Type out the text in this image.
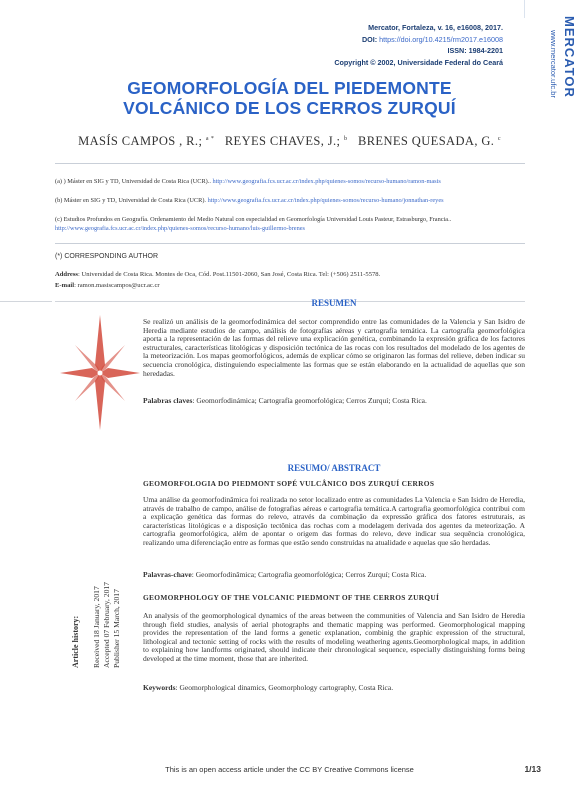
Mercator, Fortaleza, v. 16, e16008, 2017.
DOI: https://doi.org/10.4215/rm2017.e16008
ISSN: 1984-2201
Copyright © 2002, Universidade Federal do Ceará	MERCATOR
www.mercator.ufc.br
GEOMORFOLOGÍA DEL PIEDEMONTE
VOLCÁNICO DE LOS CERROS ZURQUÍ
MASÍS CAMPOS , R.; $^{a *}$ REYES CHAVES, J.; $^b$ BRENES QUESADA, G. $^c$
(a) ) Máster en SIG y TD, Universidad de Costa Rica (UCR).. http://www.geografia.fcs.ucr.ac.cr/index.php/quienes-somos/recurso-humano/ramon-masis
(b) Máster en SIG y TD, Universidad de Costa Rica (UCR). http://www.geografia.fcs.ucr.ac.cr/index.php/quienes-somos/recurso-humano/jonnathan-reyes
(c) Estudios Profundos en Geografía. Ordenamiento del Medio Natural con especialidad en Geomorfología Universidad Louis Pasteur, Estrasburgo, Francia.. http://www.geografia.fcs.ucr.ac.cr/index.php/quienes-somos/recurso-humano/luis-guillermo-brenes
(*) CORRESPONDING AUTHOR
Address: Universidad de Costa Rica. Montes de Oca, Cód. Post.11501-2060, San José, Costa Rica. Tel: (+506) 2511-5578.
E-mail: ramon.masiscampos@ucr.ac.cr
RESUMEN
Se realizó un análisis de la geomorfodinámica del sector comprendido entre las comunidades de la Valencia y San Isidro de Heredia mediante estudios de campo, análisis de fotografías aéreas y cartografía temática. La cartografía geomorfológica aporta a la representación de las formas del relieve una explicación genética, combinando la expresión gráfica de los factores estructurales, características litológicas y disposición tectónica de las rocas con los resultados del modelado de los agentes de la meteorización. Los mapas geomorfológicos, además de explicar cómo se originaron las formas del relieve, deben indicar su secuencia cronológica, distinguiendo especialmente las formas que se están elaborando en la actualidad de aquellas que son heredadas.
Palabras claves: Geomorfodinámica; Cartografía geomorfológica; Cerros Zurquí; Costa Rica.
RESUMO/ ABSTRACT
GEOMORFOLOGIA DO PIEDMONT SOPÉ VULCÂNICO DOS ZURQUÍ CERROS
Uma análise da geomorfodinâmica foi realizada no setor localizado entre as comunidades La Valencia e San Isidro de Heredia, através de trabalho de campo, análise de fotografias aéreas e cartografia temática.A cartografia geomorfológica contribui com a explicação genética das formas do relevo, através da combinação da expressão gráfica dos fatores estruturais, as características litológicas e a disposição tectônica das rochas com a modelagem derivada dos agentes da meteorização. A cartografia geomorfológica, além de apontar o origem das formas do relevo, deve indicar sua sequência cronológica, realizando uma diferenciação entre as formas que estão sendo construídas na atualidade e aquelas que são herdadas.
Palavras-chave: Geomorfodinâmica; Cartografia geomorfológica; Cerros Zurquí; Costa Rica.
GEOMORPHOLOGY OF THE VOLCANIC PIEDMONT OF THE CERROS ZURQUÍ
An analysis of the geomorphological dynamics of the areas between the communities of Valencia and San Isidro de Heredia through field studies, analysis of aerial photographs and thematic mapping was performed. Geomorphological mapping provides the representation of the land forms a genetic explanation, combinig the graphic expression of the structural, lithological and tectonic setting of rocks with the results of modeling weathering agents.Geomorphological maps, in addition to explaining how landforms originated, should indicate their chronological sequence, especially distinguishing forms being developed at the time moment, those that are inherited.
Keywords: Geomorphological dinamics, Geomorphology cartography, Costa Rica.
Article history: Received 18 January, 2017 Accepted 07 February, 2017 Publisher 15 March, 2017
This is an open access article under the CC BY Creative Commons license	1/13
